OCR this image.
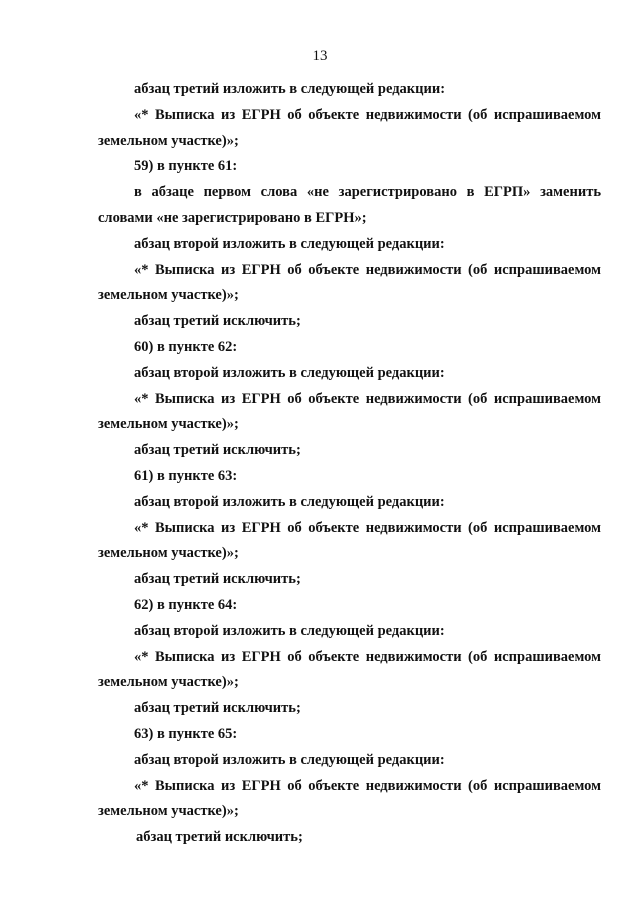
13

абзац третий изложить в следующей редакции:

«* Выписка из ЕГРН об объекте недвижимости (об испрашиваемом земельном участке)»;

59) в пункте 61:

в абзаце первом слова «не зарегистрировано в ЕГРП» заменить словами «не зарегистрировано в ЕГРН»;

абзац второй изложить в следующей редакции:

«* Выписка из ЕГРН об объекте недвижимости (об испрашиваемом земельном участке)»;

абзац третий исключить;

60) в пункте 62:

абзац второй изложить в следующей редакции:

«* Выписка из ЕГРН об объекте недвижимости (об испрашиваемом земельном участке)»;

абзац третий исключить;

61) в пункте 63:

абзац второй изложить в следующей редакции:

«* Выписка из ЕГРН об объекте недвижимости (об испрашиваемом земельном участке)»;

абзац третий исключить;

62) в пункте 64:

абзац второй изложить в следующей редакции:

«* Выписка из ЕГРН об объекте недвижимости (об испрашиваемом земельном участке)»;

абзац третий исключить;

63) в пункте 65:

абзац второй изложить в следующей редакции:

«* Выписка из ЕГРН об объекте недвижимости (об испрашиваемом земельном участке)»;

абзац третий исключить;
